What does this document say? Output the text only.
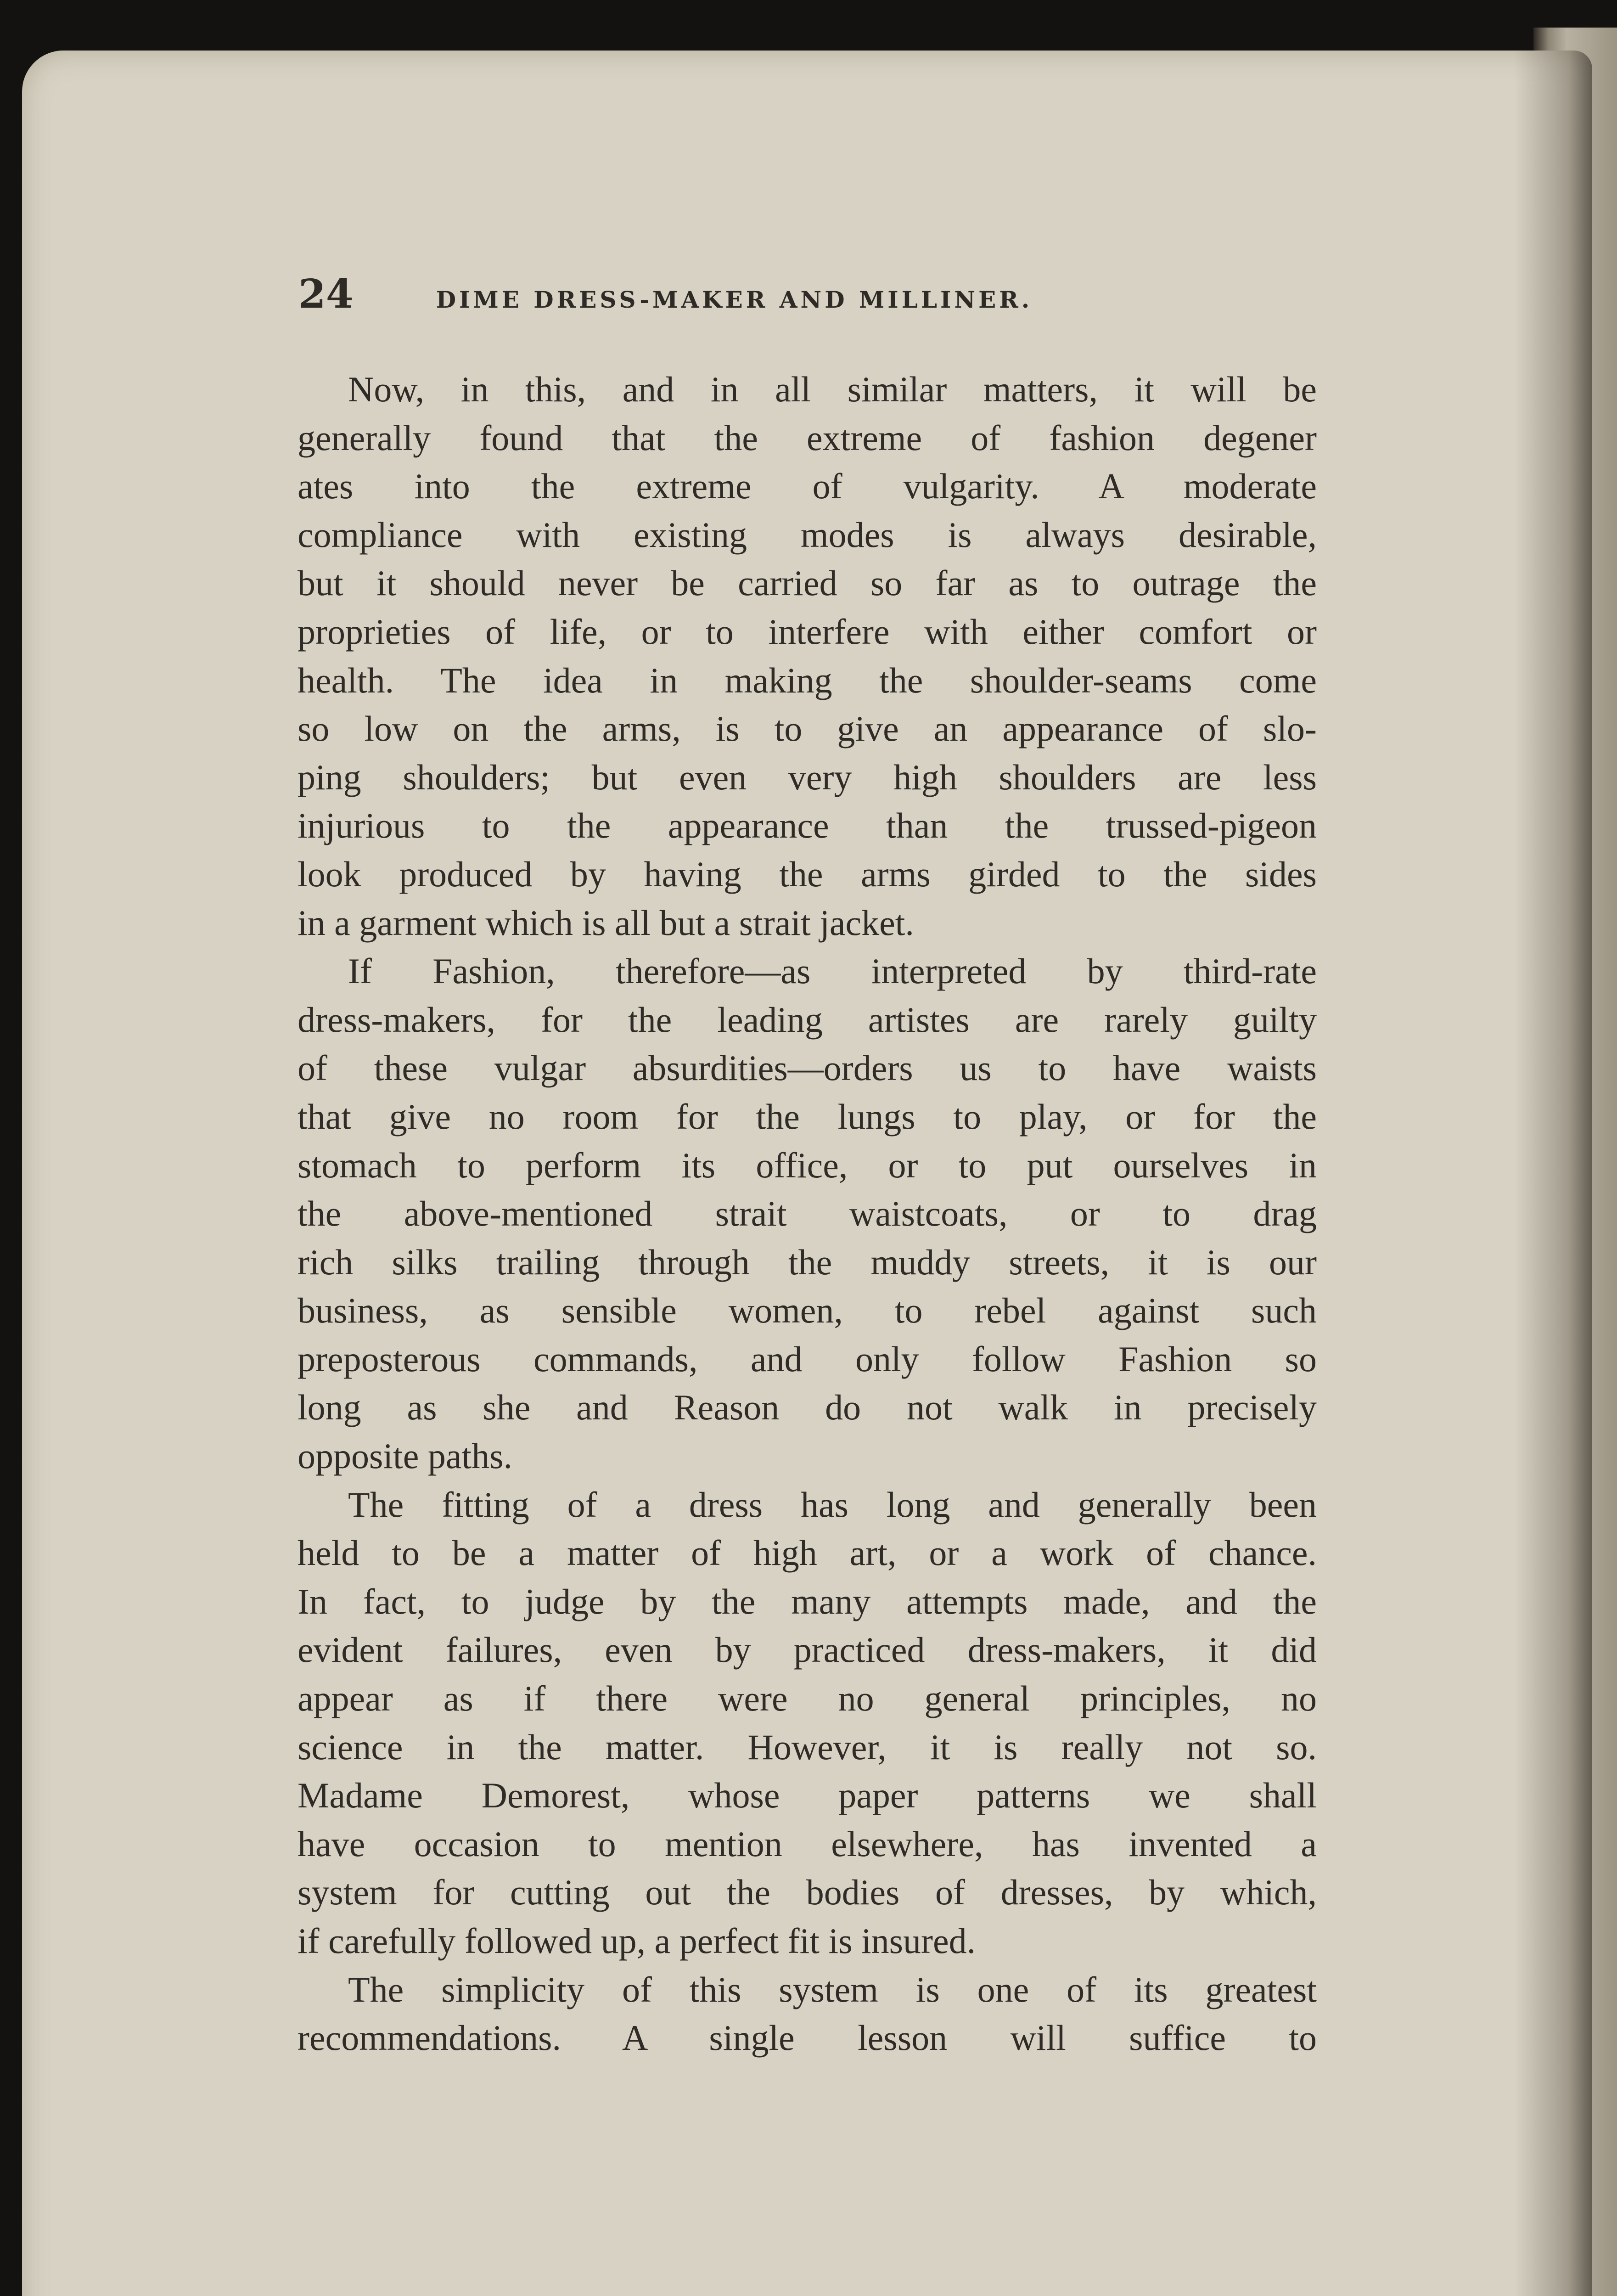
24	DIME DRESS-MAKER AND MILLINER.
Now, in this, and in all similar matters, it will be
generally found that the extreme of fashion degener
ates into the extreme of vulgarity. A moderate
compliance with existing modes is always desirable,
but it should never be carried so far as to outrage the
proprieties of life, or to interfere with either comfort or
health. The idea in making the shoulder-seams come
so low on the arms, is to give an appearance of slo-
ping shoulders; but even very high shoulders are less
injurious to the appearance than the trussed-pigeon
look produced by having the arms girded to the sides
in a garment which is all but a strait jacket.
If Fashion, therefore—as interpreted by third-rate
dress-makers, for the leading artistes are rarely guilty
of these vulgar absurdities—orders us to have waists
that give no room for the lungs to play, or for the
stomach to perform its office, or to put ourselves in
the above-mentioned strait waistcoats, or to drag
rich silks trailing through the muddy streets, it is our
business, as sensible women, to rebel against such
preposterous commands, and only follow Fashion so
long as she and Reason do not walk in precisely
opposite paths.
The fitting of a dress has long and generally been
held to be a matter of high art, or a work of chance.
In fact, to judge by the many attempts made, and the
evident failures, even by practiced dress-makers, it did
appear as if there were no general principles, no
science in the matter. However, it is really not so.
Madame Demorest, whose paper patterns we shall
have occasion to mention elsewhere, has invented a
system for cutting out the bodies of dresses, by which,
if carefully followed up, a perfect fit is insured.
The simplicity of this system is one of its greatest
recommendations. A single lesson will suffice to
